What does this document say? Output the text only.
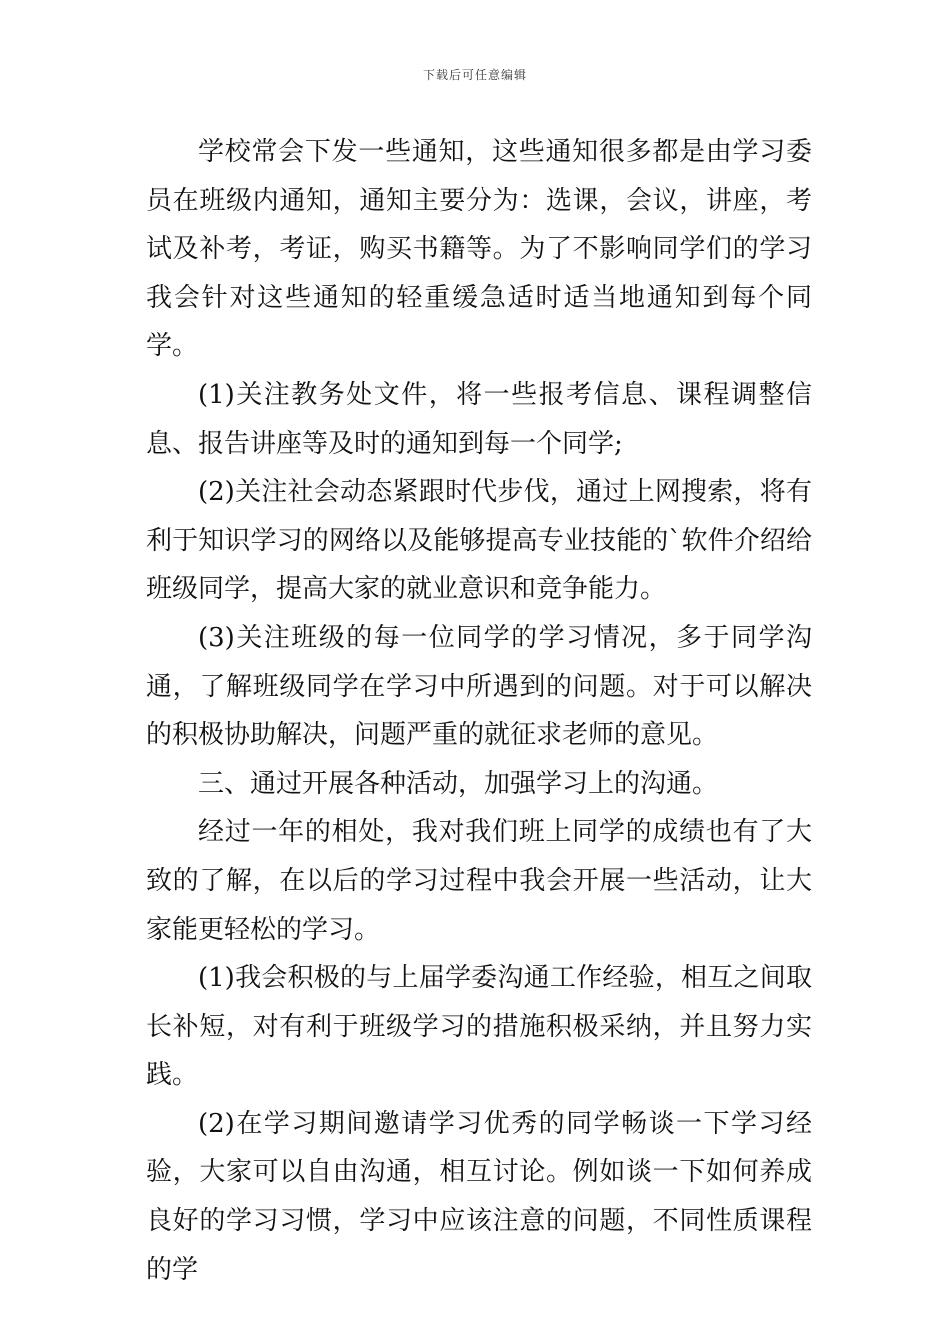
下载后可任意编辑

学校常会下发一些通知，这些通知很多都是由学习委员在班级内通知，通知主要分为：选课，会议，讲座，考试及补考，考证，购买书籍等。为了不影响同学们的学习我会针对这些通知的轻重缓急适时适当地通知到每个同学。

(1)关注教务处文件，将一些报考信息、课程调整信息、报告讲座等及时的通知到每一个同学;

(2)关注社会动态紧跟时代步伐，通过上网搜索，将有利于知识学习的网络以及能够提高专业技能的`软件介绍给班级同学，提高大家的就业意识和竞争能力。

(3)关注班级的每一位同学的学习情况，多于同学沟通，了解班级同学在学习中所遇到的问题。对于可以解决的积极协助解决，问题严重的就征求老师的意见。

三、通过开展各种活动，加强学习上的沟通。

经过一年的相处，我对我们班上同学的成绩也有了大致的了解，在以后的学习过程中我会开展一些活动，让大家能更轻松的学习。

(1)我会积极的与上届学委沟通工作经验，相互之间取长补短，对有利于班级学习的措施积极采纳，并且努力实践。

(2)在学习期间邀请学习优秀的同学畅谈一下学习经验，大家可以自由沟通，相互讨论。例如谈一下如何养成良好的学习习惯，学习中应该注意的问题，不同性质课程的学
